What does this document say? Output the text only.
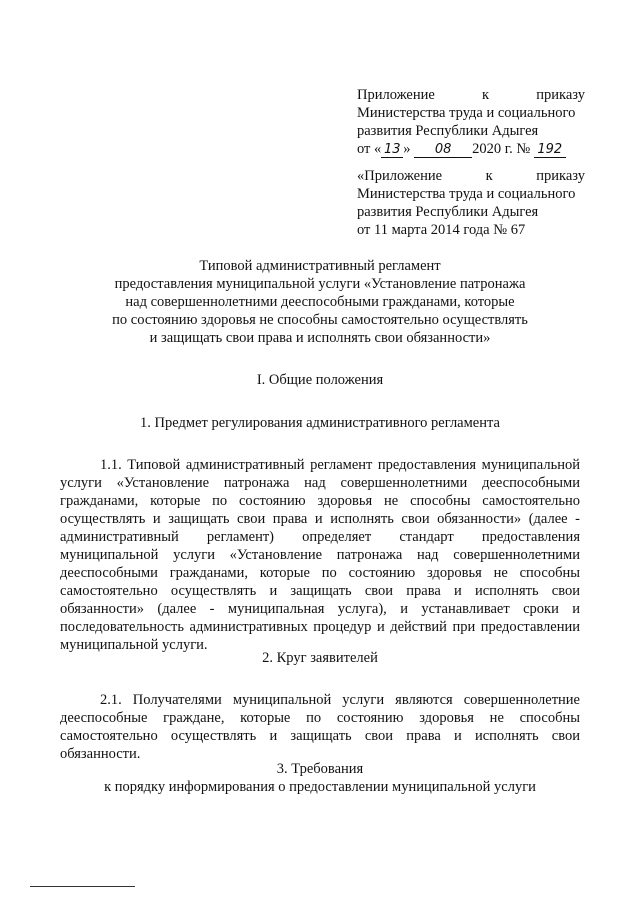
Приложение	к	приказу
Министерства труда и социального
развития Республики Адыгея
от « 13 » 08 2020 г. № 192
«Приложение	к	приказу
Министерства труда и социального
развития Республики Адыгея
от 11 марта 2014 года № 67
Типовой административный регламент
предоставления муниципальной услуги «Установление патронажа
над совершеннолетними дееспособными гражданами, которые
по состоянию здоровья не способны самостоятельно осуществлять
и защищать свои права и исполнять свои обязанности»
I. Общие положения
1. Предмет регулирования административного регламента
1.1. Типовой административный регламент предоставления муниципальной услуги «Установление патронажа над совершеннолетними дееспособными гражданами, которые по состоянию здоровья не способны самостоятельно осуществлять и защищать свои права и исполнять свои обязанности» (далее - административный регламент) определяет стандарт предоставления муниципальной услуги «Установление патронажа над совершеннолетними дееспособными гражданами, которые по состоянию здоровья не способны самостоятельно осуществлять и защищать свои права и исполнять свои обязанности» (далее - муниципальная услуга), и устанавливает сроки и последовательность административных процедур и действий при предоставлении муниципальной услуги.
2. Круг заявителей
2.1. Получателями муниципальной услуги являются совершеннолетние дееспособные граждане, которые по состоянию здоровья не способны самостоятельно осуществлять и защищать свои права и исполнять свои обязанности.
3. Требования
к порядку информирования о предоставлении муниципальной услуги
